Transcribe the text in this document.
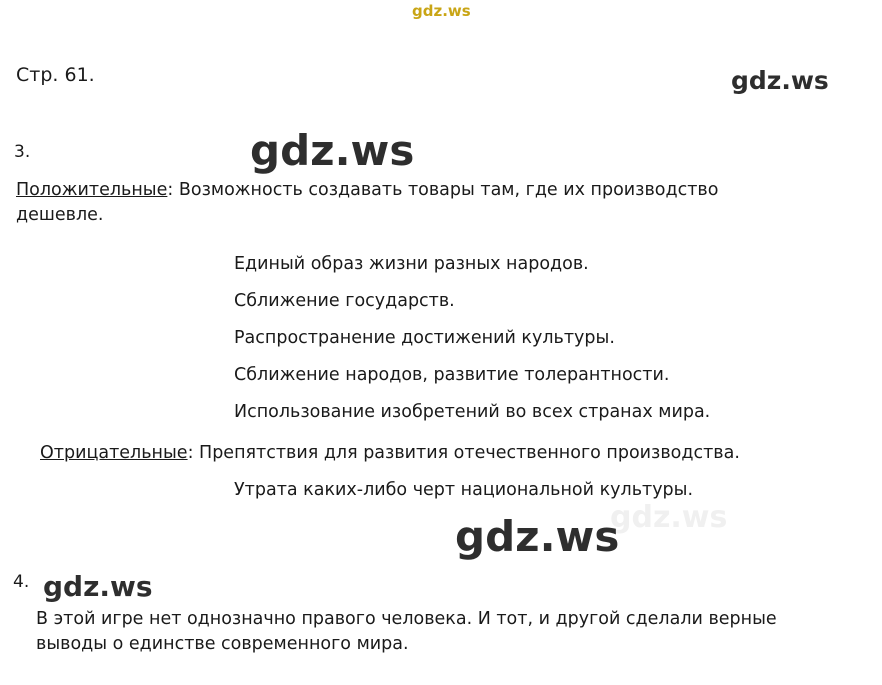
gdz.ws
Стр. 61.
3.
Положительные: Возможность создавать товары там, где их производство
дешевле.
Единый образ жизни разных народов.
Сближение государств.
Распространение достижений культуры.
Сближение народов, развитие толерантности.
Использование изобретений во всех странах мира.
Отрицательные: Препятствия для развития отечественного производства.
Утрата каких-либо черт национальной культуры.
4.
В этой игре нет однозначно правого человека. И тот, и другой сделали верные
выводы о единстве современного мира.
gdz.ws
gdz.ws
gdz.ws
gdz.ws
gdz.ws
